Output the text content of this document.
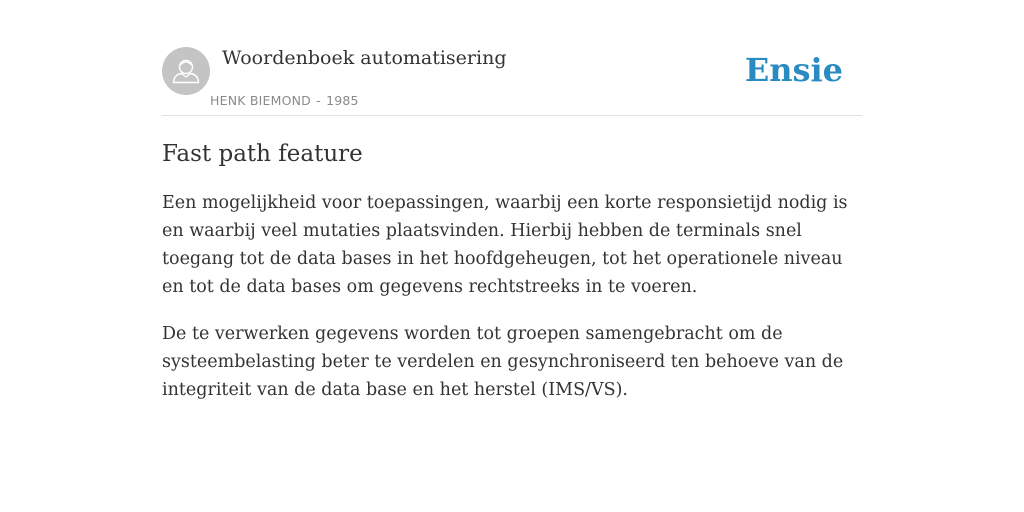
Woordenboek automatisering
HENK BIEMOND - 1985
Ensie
Fast path feature

Een mogelijkheid voor toepassingen, waarbij een korte responsietijd nodig is en waarbij veel mutaties plaatsvinden. Hierbij hebben de terminals snel toegang tot de data bases in het hoofdgeheugen, tot het operationele niveau en tot de data bases om gegevens rechtstreeks in te voeren.

De te verwerken gegevens worden tot groepen samengebracht om de systeembelasting beter te verdelen en gesynchroniseerd ten behoeve van de integriteit van de data base en het herstel (IMS/VS).
